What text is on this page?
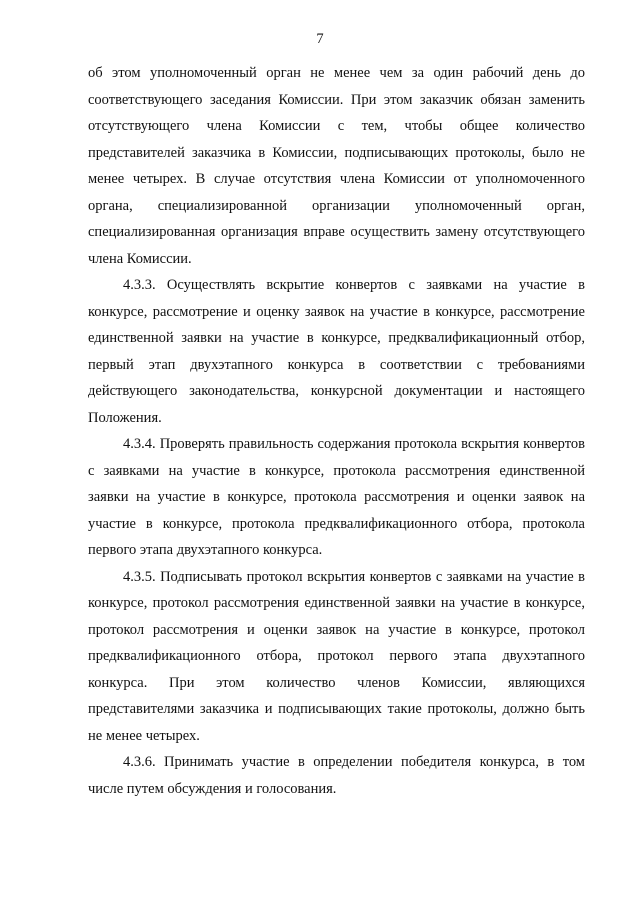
7

об этом уполномоченный орган не менее чем за один рабочий день до соответствующего заседания Комиссии. При этом заказчик обязан заменить отсутствующего члена Комиссии с тем, чтобы общее количество представителей заказчика в Комиссии, подписывающих протоколы, было не менее четырех. В случае отсутствия члена Комиссии от уполномоченного органа, специализированной организации уполномоченный орган, специализированная организация вправе осуществить замену отсутствующего члена Комиссии.

4.3.3. Осуществлять вскрытие конвертов с заявками на участие в конкурсе, рассмотрение и оценку заявок на участие в конкурсе, рассмотрение единственной заявки на участие в конкурсе, предквалификационный отбор, первый этап двухэтапного конкурса в соответствии с требованиями действующего законодательства, конкурсной документации и настоящего Положения.

4.3.4. Проверять правильность содержания протокола вскрытия конвертов с заявками на участие в конкурсе, протокола рассмотрения единственной заявки на участие в конкурсе, протокола рассмотрения и оценки заявок на участие в конкурсе, протокола предквалификационного отбора, протокола первого этапа двухэтапного конкурса.

4.3.5. Подписывать протокол вскрытия конвертов с заявками на участие в конкурсе, протокол рассмотрения единственной заявки на участие в конкурсе, протокол рассмотрения и оценки заявок на участие в конкурсе, протокол предквалификационного отбора, протокол первого этапа двухэтапного конкурса. При этом количество членов Комиссии, являющихся представителями заказчика и подписывающих такие протоколы, должно быть не менее четырех.

4.3.6. Принимать участие в определении победителя конкурса, в том числе путем обсуждения и голосования.
